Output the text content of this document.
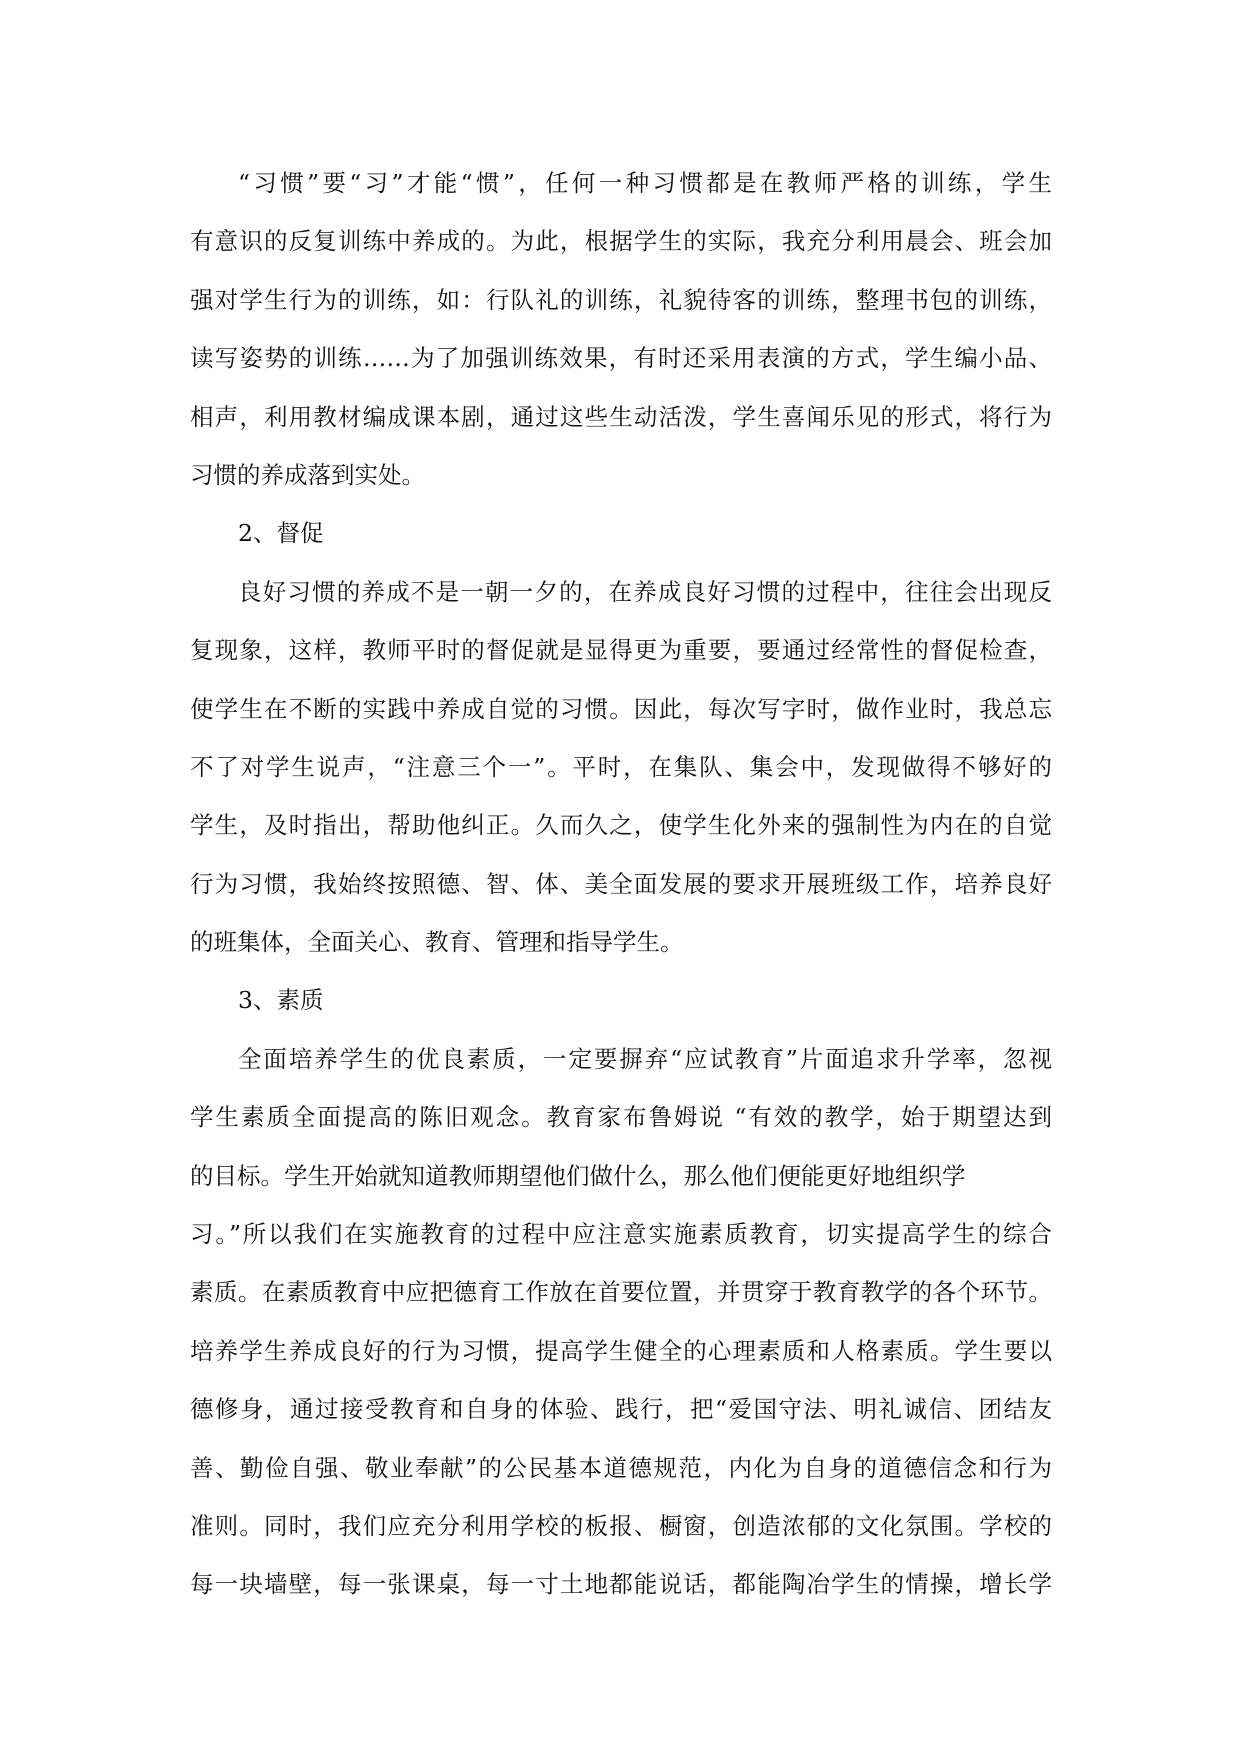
“习惯”要“习”才能“惯”，任何一种习惯都是在教师严格的训练，学生
有意识的反复训练中养成的。为此，根据学生的实际，我充分利用晨会、班会加
强对学生行为的训练，如：行队礼的训练，礼貌待客的训练，整理书包的训练，
读写姿势的训练……为了加强训练效果，有时还采用表演的方式，学生编小品、
相声，利用教材编成课本剧，通过这些生动活泼，学生喜闻乐见的形式，将行为
习惯的养成落到实处。
2、督促
良好习惯的养成不是一朝一夕的，在养成良好习惯的过程中，往往会出现反
复现象，这样，教师平时的督促就是显得更为重要，要通过经常性的督促检查，
使学生在不断的实践中养成自觉的习惯。因此，每次写字时，做作业时，我总忘
不了对学生说声，“注意三个一”。平时，在集队、集会中，发现做得不够好的
学生，及时指出，帮助他纠正。久而久之，使学生化外来的强制性为内在的自觉
行为习惯，我始终按照德、智、体、美全面发展的要求开展班级工作，培养良好
的班集体，全面关心、教育、管理和指导学生。
3、素质
全面培养学生的优良素质，一定要摒弃“应试教育”片面追求升学率，忽视
学生素质全面提高的陈旧观念。教育家布鲁姆说 “有效的教学，始于期望达到
的目标。学生开始就知道教师期望他们做什么，那么他们便能更好地组织学
习。”所以我们在实施教育的过程中应注意实施素质教育，切实提高学生的综合
素质。在素质教育中应把德育工作放在首要位置，并贯穿于教育教学的各个环节。
培养学生养成良好的行为习惯，提高学生健全的心理素质和人格素质。学生要以
德修身，通过接受教育和自身的体验、践行，把“爱国守法、明礼诚信、团结友
善、勤俭自强、敬业奉献”的公民基本道德规范，内化为自身的道德信念和行为
准则。同时，我们应充分利用学校的板报、橱窗，创造浓郁的文化氛围。学校的
每一块墙壁，每一张课桌，每一寸土地都能说话，都能陶冶学生的情操，增长学
